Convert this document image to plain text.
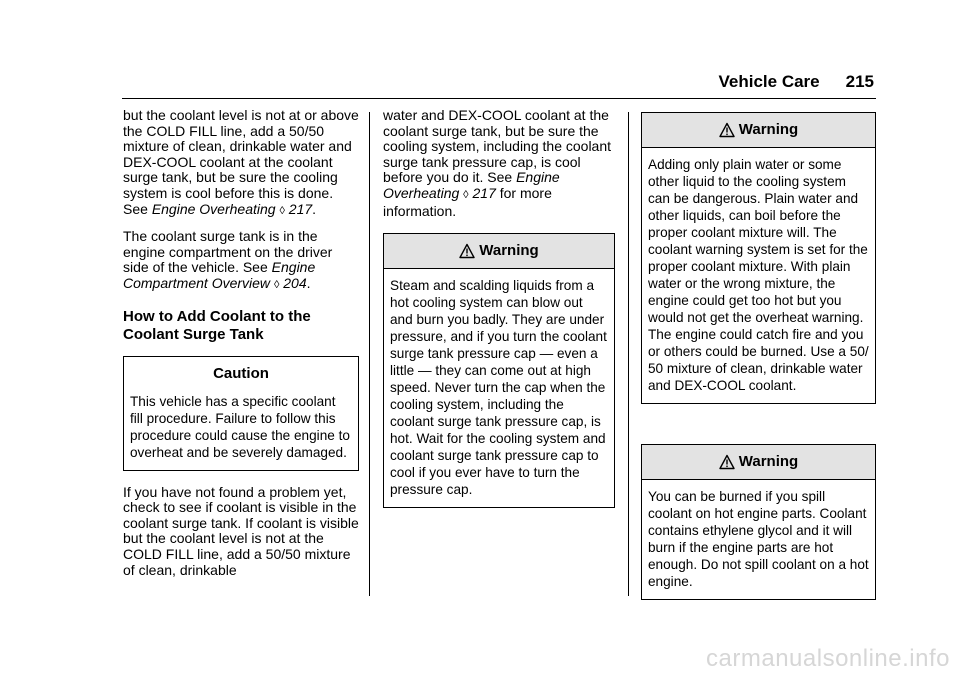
Vehicle Care 215

but the coolant level is not at or above the COLD FILL line, add a 50/50 mixture of clean, drinkable water and DEX-COOL coolant at the coolant surge tank, but be sure the cooling system is cool before this is done. See Engine Overheating ◊ 217.

The coolant surge tank is in the engine compartment on the driver side of the vehicle. See Engine Compartment Overview ◊ 204.

How to Add Coolant to the Coolant Surge Tank
Caution
This vehicle has a specific coolant fill procedure. Failure to follow this procedure could cause the engine to overheat and be severely damaged.

If you have not found a problem yet, check to see if coolant is visible in the coolant surge tank. If coolant is visible but the coolant level is not at the COLD FILL line, add a 50/50 mixture of clean, drinkable

water and DEX-COOL coolant at the coolant surge tank, but be sure the cooling system, including the coolant surge tank pressure cap, is cool before you do it. See Engine Overheating ◊ 217 for more information.

Warning
Steam and scalding liquids from a hot cooling system can blow out and burn you badly. They are under pressure, and if you turn the coolant surge tank pressure cap — even a little — they can come out at high speed. Never turn the cap when the cooling system, including the coolant surge tank pressure cap, is hot. Wait for the cooling system and coolant surge tank pressure cap to cool if you ever have to turn the pressure cap.
Warning
Adding only plain water or some other liquid to the cooling system can be dangerous. Plain water and other liquids, can boil before the proper coolant mixture will. The coolant warning system is set for the proper coolant mixture. With plain water or the wrong mixture, the engine could get too hot but you would not get the overheat warning. The engine could catch fire and you or others could be burned. Use a 50/ 50 mixture of clean, drinkable water and DEX-COOL coolant.
Warning
You can be burned if you spill coolant on hot engine parts. Coolant contains ethylene glycol and it will burn if the engine parts are hot enough. Do not spill coolant on a hot engine.
carmanualsonline.info
